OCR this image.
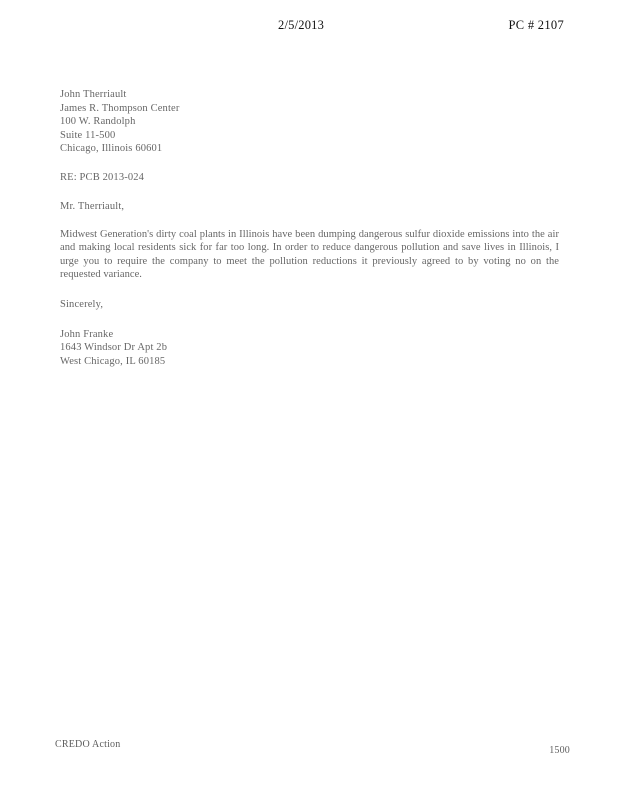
2/5/2013	PC # 2107
John Therriault
James R. Thompson Center
100 W. Randolph
Suite 11-500
Chicago, Illinois 60601
RE: PCB 2013-024
Mr. Therriault,
Midwest Generation's dirty coal plants in Illinois have been dumping dangerous sulfur dioxide emissions into the air and making local residents sick for far too long. In order to reduce dangerous pollution and save lives in Illinois, I urge you to require the company to meet the pollution reductions it previously agreed to by voting no on the requested variance.
Sincerely,
John Franke
1643 Windsor Dr Apt 2b
West Chicago, IL 60185
CREDO Action
1500
